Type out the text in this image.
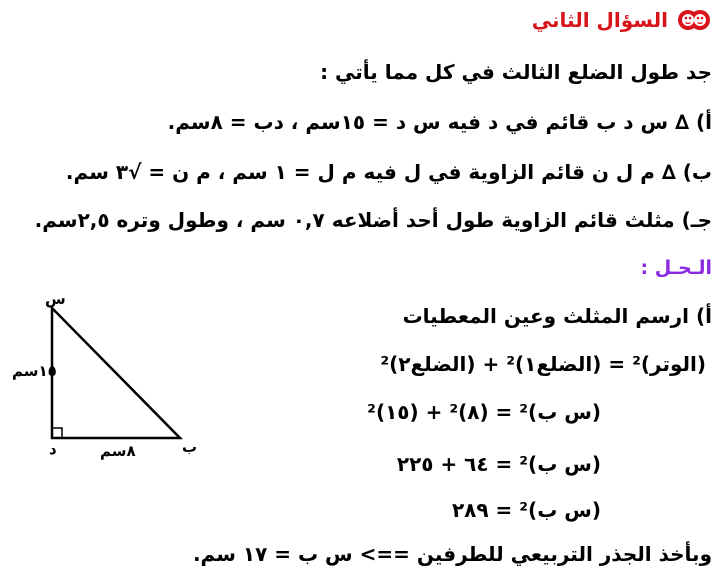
السؤال الثاني
جد طول الضلع الثالث في كل مما يأتي :
أ) ∆ س د ب قائم في د فيه س د = ١٥سم ، دب = ٨سم.
ب) ∆ م ل ن قائم الزاوية في ل فيه م ل = ١ سم ، م ن = √٣ سم.
جـ) مثلث قائم الزاوية طول أحد أضلاعه ٠,٧ سم ، وطول وتره ٢,٥سم.
الـحـل :
أ) ارسم المثلث وعين المعطيات
(الوتر)² = (الضلع١)² + (الضلع٢)²
(س ب)² = (٨)² + (١٥)²
(س ب)² = ٦٤ + ٢٢٥
(س ب)² = ٢٨٩
وبأخذ الجذر التربيعي للطرفين ==> س ب = ١٧ سم.
س
د	ب
١٥سم
٨سم
